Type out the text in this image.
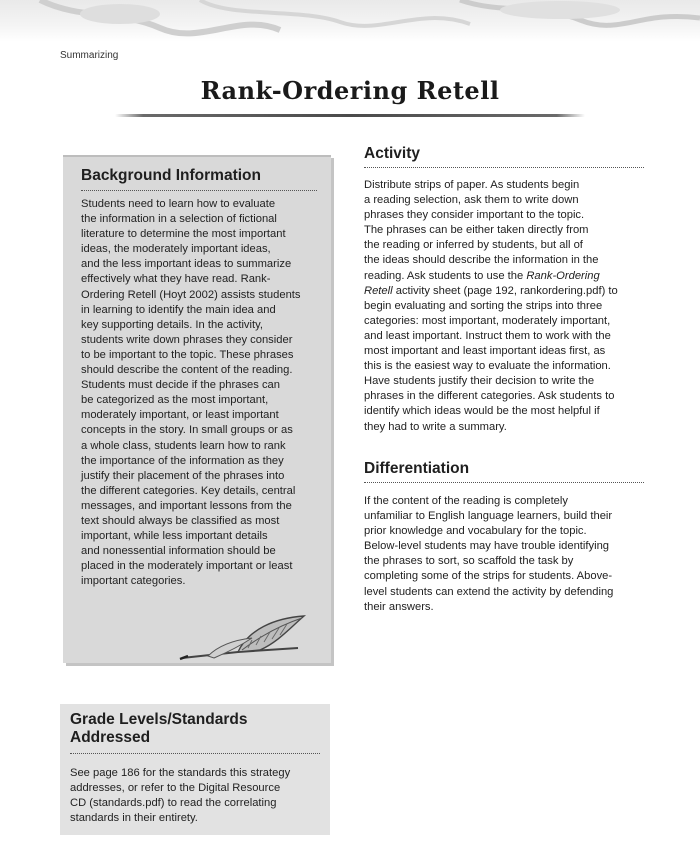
Summarizing
Rank-Ordering Retell
Background Information
Students need to learn how to evaluate
the information in a selection of fictional
literature to determine the most important
ideas, the moderately important ideas,
and the less important ideas to summarize
effectively what they have read. Rank-
Ordering Retell (Hoyt 2002) assists students
in learning to identify the main idea and
key supporting details. In the activity,
students write down phrases they consider
to be important to the topic. These phrases
should describe the content of the reading.
Students must decide if the phrases can
be categorized as the most important,
moderately important, or least important
concepts in the story. In small groups or as
a whole class, students learn how to rank
the importance of the information as they
justify their placement of the phrases into
the different categories. Key details, central
messages, and important lessons from the
text should always be classified as most
important, while less important details
and nonessential information should be
placed in the moderately important or least
important categories.
Grade Levels/Standards
Addressed
See page 186 for the standards this strategy
addresses, or refer to the Digital Resource
CD (standards.pdf) to read the correlating
standards in their entirety.
Activity
Distribute strips of paper. As students begin
a reading selection, ask them to write down
phrases they consider important to the topic.
The phrases can be either taken directly from
the reading or inferred by students, but all of
the ideas should describe the information in the
reading. Ask students to use the Rank-Ordering
Retell activity sheet (page 192, rankordering.pdf) to
begin evaluating and sorting the strips into three
categories: most important, moderately important,
and least important. Instruct them to work with the
most important and least important ideas first, as
this is the easiest way to evaluate the information.
Have students justify their decision to write the
phrases in the different categories. Ask students to
identify which ideas would be the most helpful if
they had to write a summary.
Differentiation
If the content of the reading is completely
unfamiliar to English language learners, build their
prior knowledge and vocabulary for the topic.
Below-level students may have trouble identifying
the phrases to sort, so scaffold the task by
completing some of the strips for students. Above-
level students can extend the activity by defending
their answers.
